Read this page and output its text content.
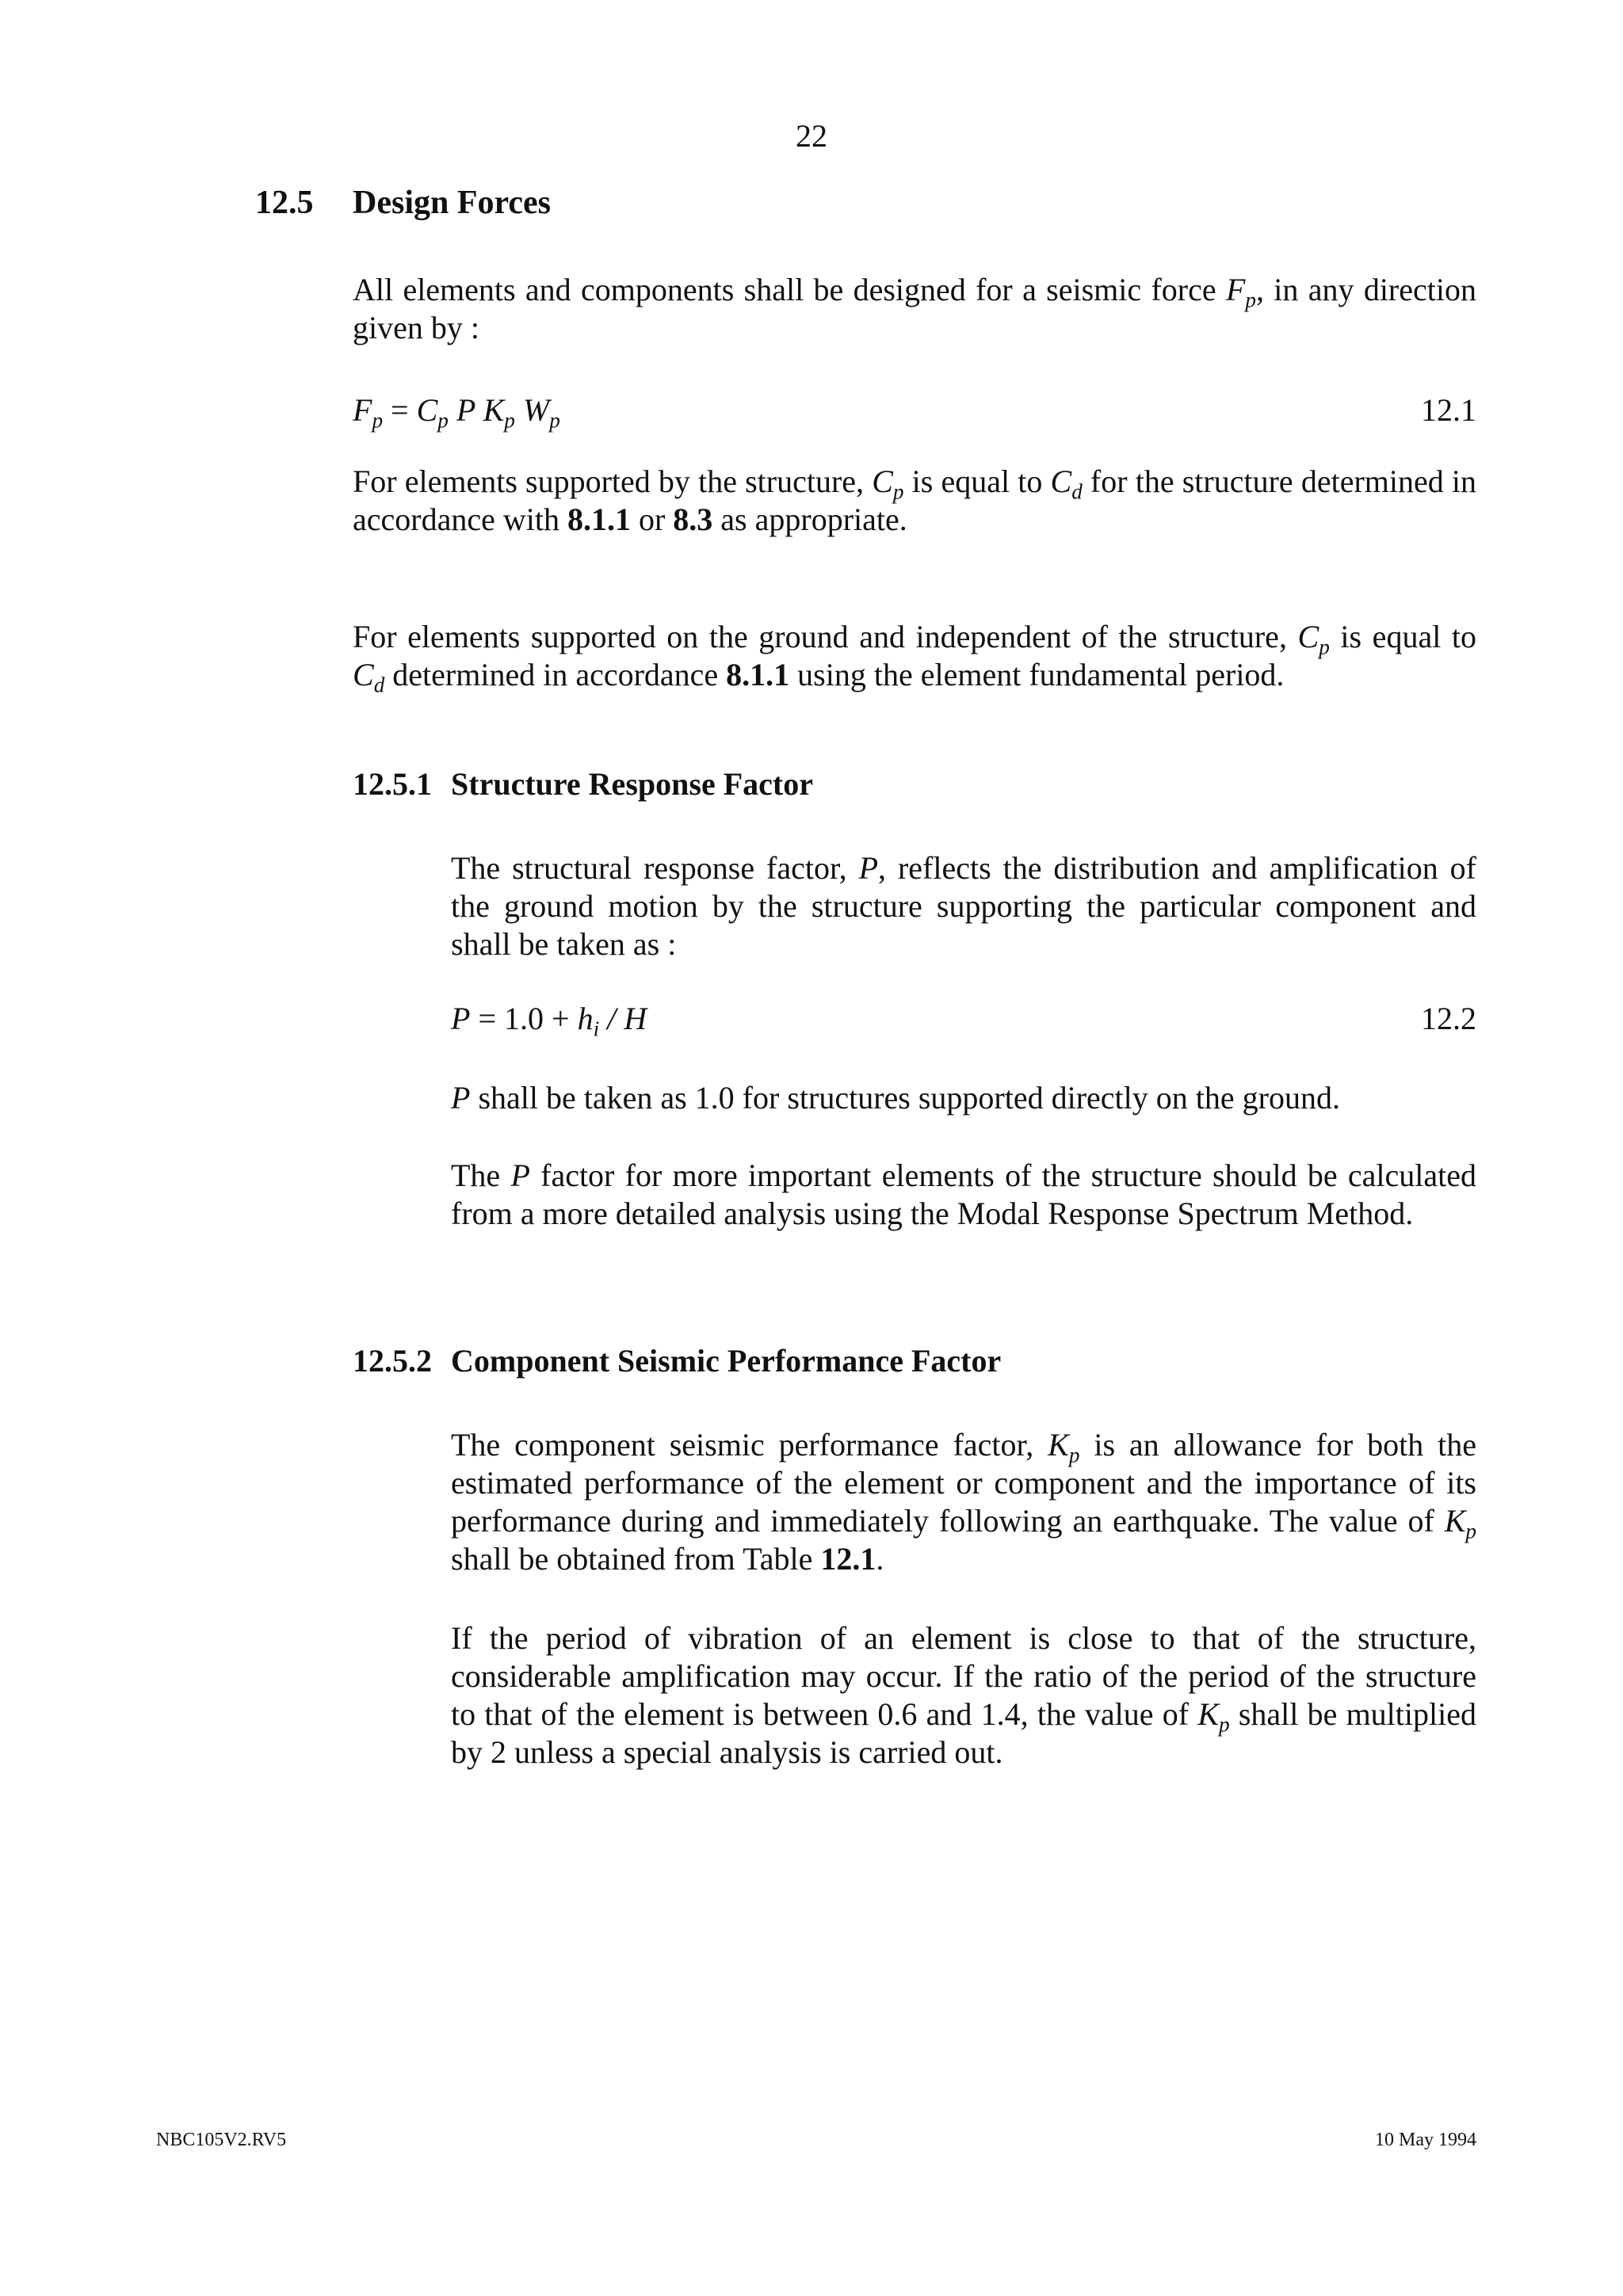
22
12.5 Design Forces
All elements and components shall be designed for a seismic force $F_p$, in any direction given by :
$F_p = C_p$ P $K_p$ $W_p$	12.1
For elements supported by the structure, $C_p$ is equal to $C_d$ for the structure determined in accordance with 8.1.1 or 8.3 as appropriate.
For elements supported on the ground and independent of the structure, $C_p$ is equal to $C_d$ determined in accordance 8.1.1 using the element fundamental period.
12.5.1 Structure Response Factor
The structural response factor, P, reflects the distribution and amplification of the ground motion by the structure supporting the particular component and shall be taken as :
$P = 1.0 + h_i / H$	12.2
P shall be taken as 1.0 for structures supported directly on the ground.
The P factor for more important elements of the structure should be calculated from a more detailed analysis using the Modal Response Spectrum Method.
12.5.2 Component Seismic Performance Factor
The component seismic performance factor, $K_p$ is an allowance for both the estimated performance of the element or component and the importance of its performance during and immediately following an earthquake. The value of $K_p$ shall be obtained from Table 12.1.
If the period of vibration of an element is close to that of the structure, considerable amplification may occur. If the ratio of the period of the structure to that of the element is between 0.6 and 1.4, the value of $K_p$ shall be multiplied by 2 unless a special analysis is carried out.
NBC105V2.RV5	10 May 1994
